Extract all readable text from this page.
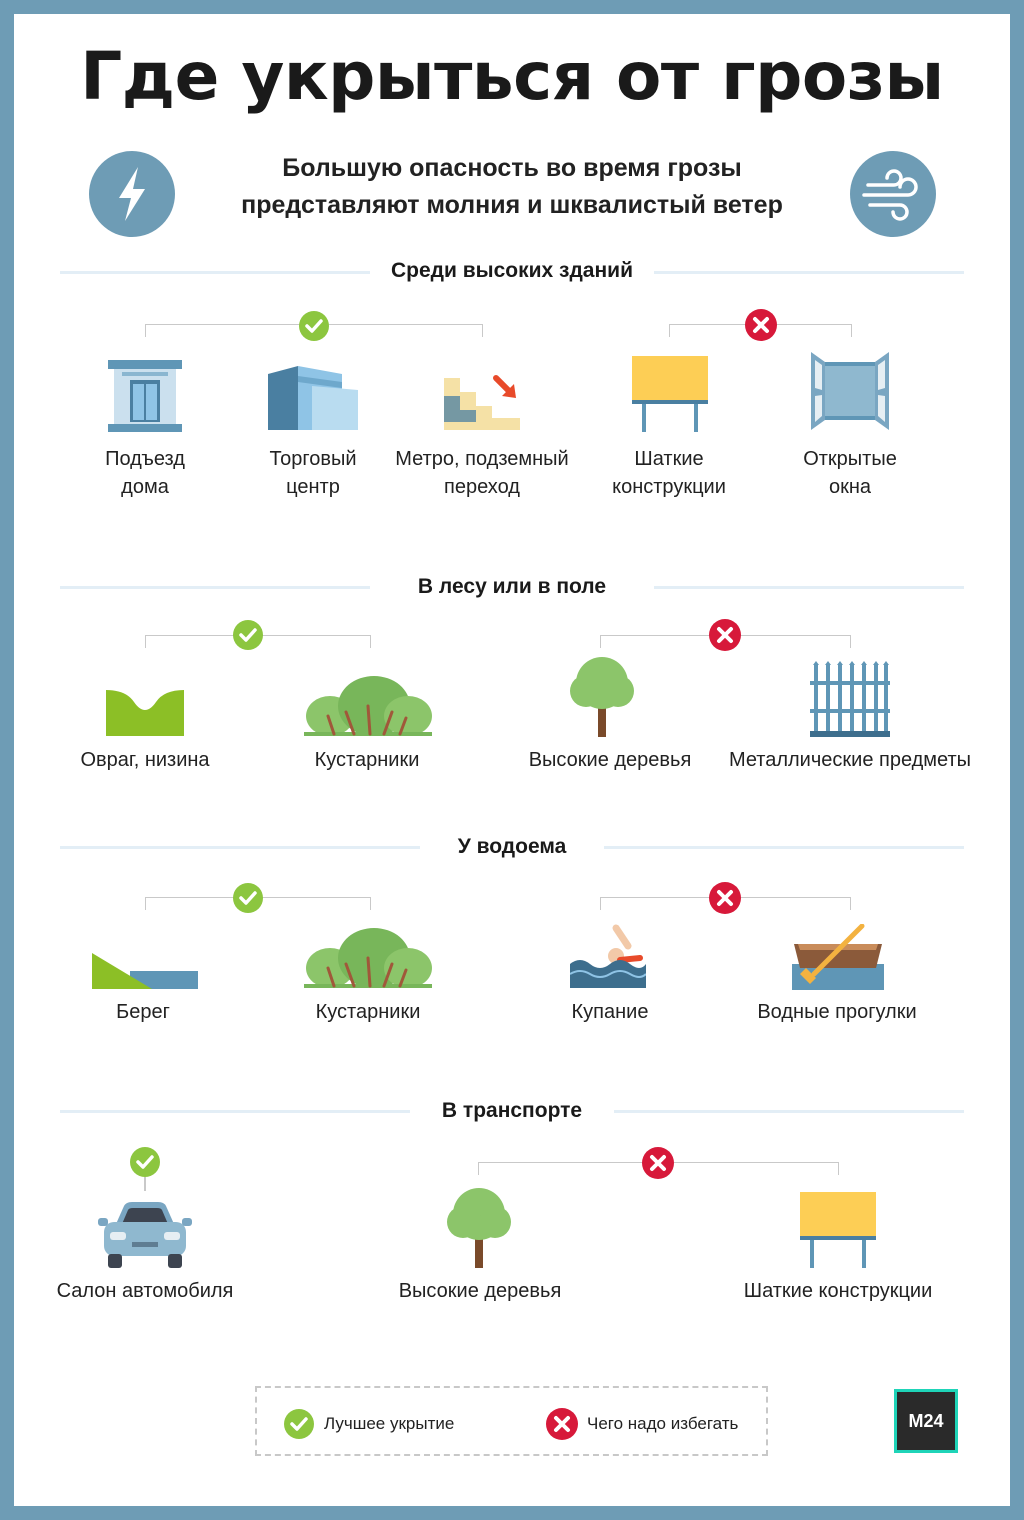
Где укрыться от грозы
Большую опасность во время грозы
представляют молния и шквалистый ветер
Среди высоких зданий
Подъезд
дома
Торговый
центр
Метро, подземный
переход
Шаткие
конструкции
Открытые
окна
В лесу или в поле
Овраг, низина	Кустарники	Высокие деревья	Металлические предметы
У водоема
Берег	Кустарники	Купание	Водные прогулки
В транспорте
Салон автомобиля	Высокие деревья	Шаткие конструкции
Лучшее укрытие	Чего надо избегать	M24
